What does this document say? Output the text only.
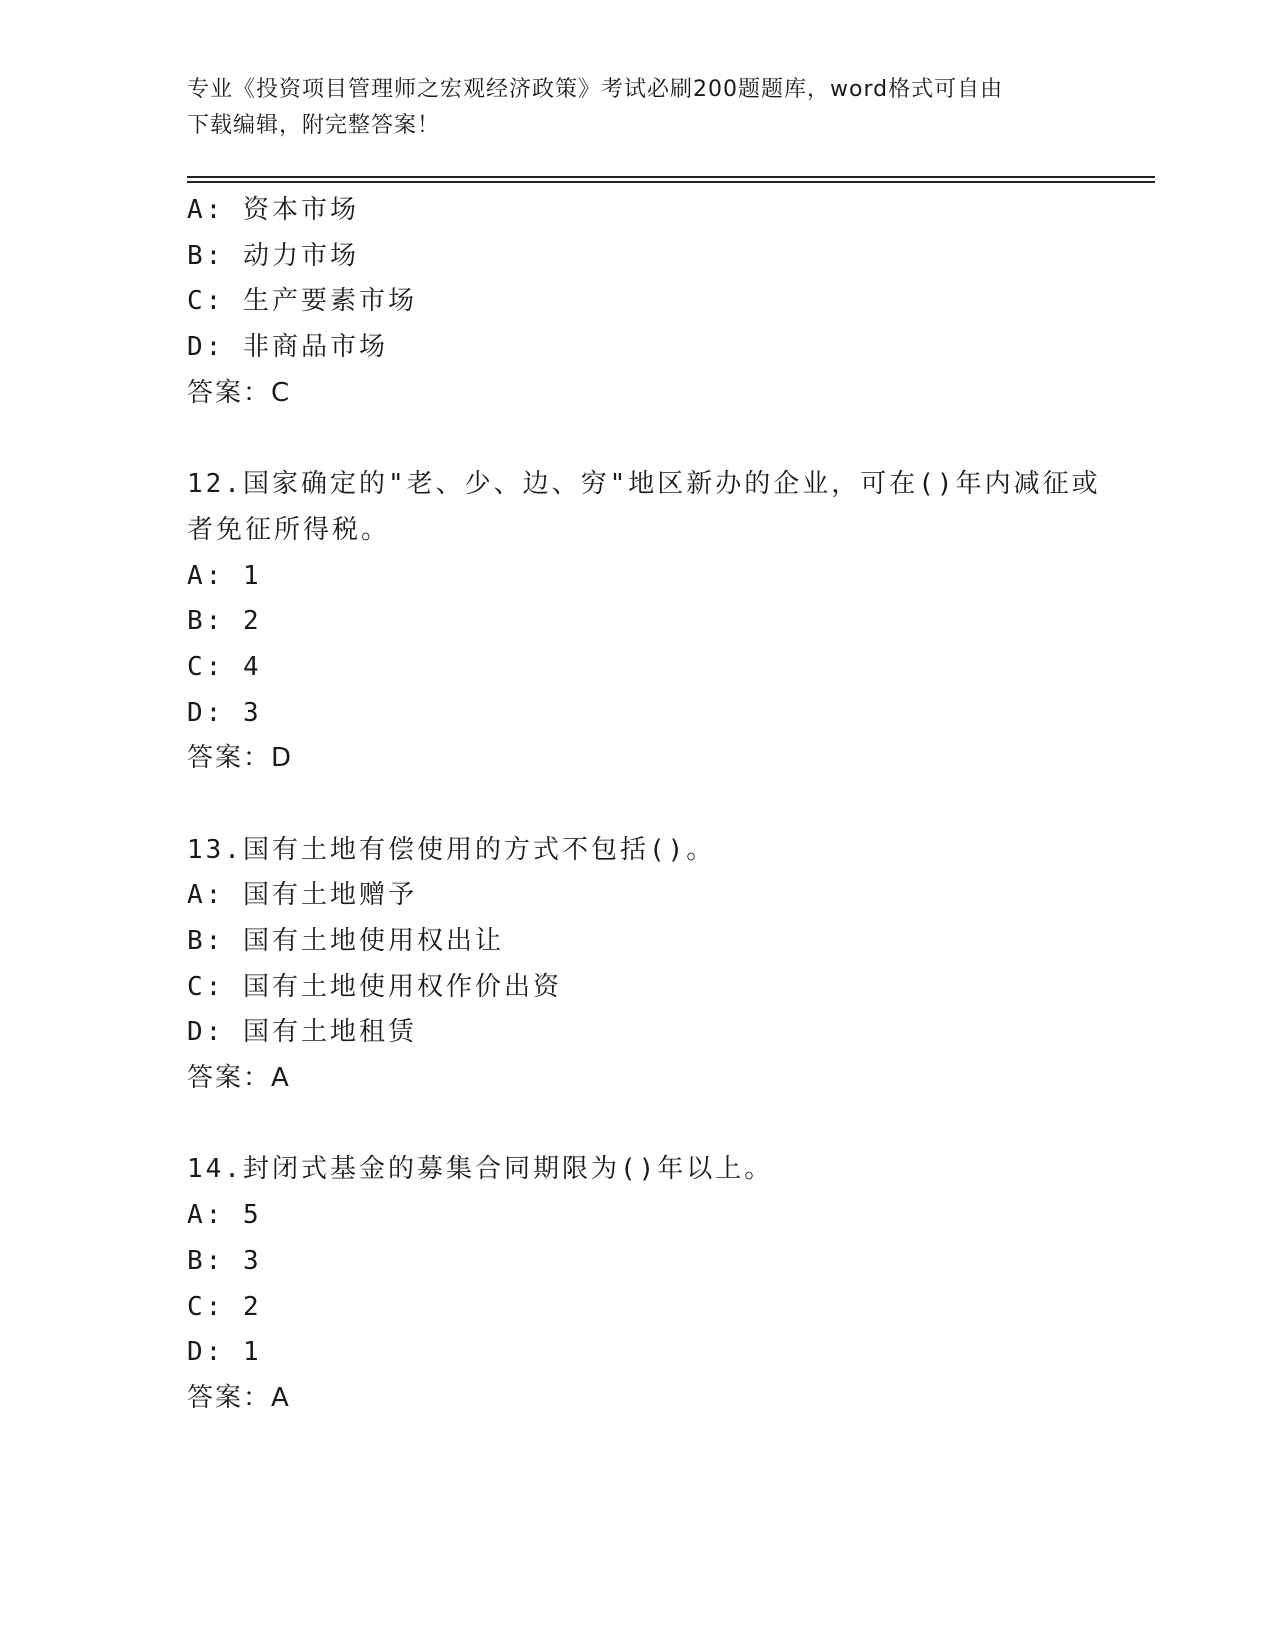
专业《投资项目管理师之宏观经济政策》考试必刷200题题库，word格式可自由
下载编辑，附完整答案！
A: 资本市场
B: 动力市场
C: 生产要素市场
D: 非商品市场
答案：C
12.国家确定的"老、少、边、穷"地区新办的企业，可在()年内减征或
者免征所得税。
A: 1
B: 2
C: 4
D: 3
答案：D
13.国有土地有偿使用的方式不包括()。
A: 国有土地赠予
B: 国有土地使用权出让
C: 国有土地使用权作价出资
D: 国有土地租赁
答案：A
14.封闭式基金的募集合同期限为()年以上。
A: 5
B: 3
C: 2
D: 1
答案：A
